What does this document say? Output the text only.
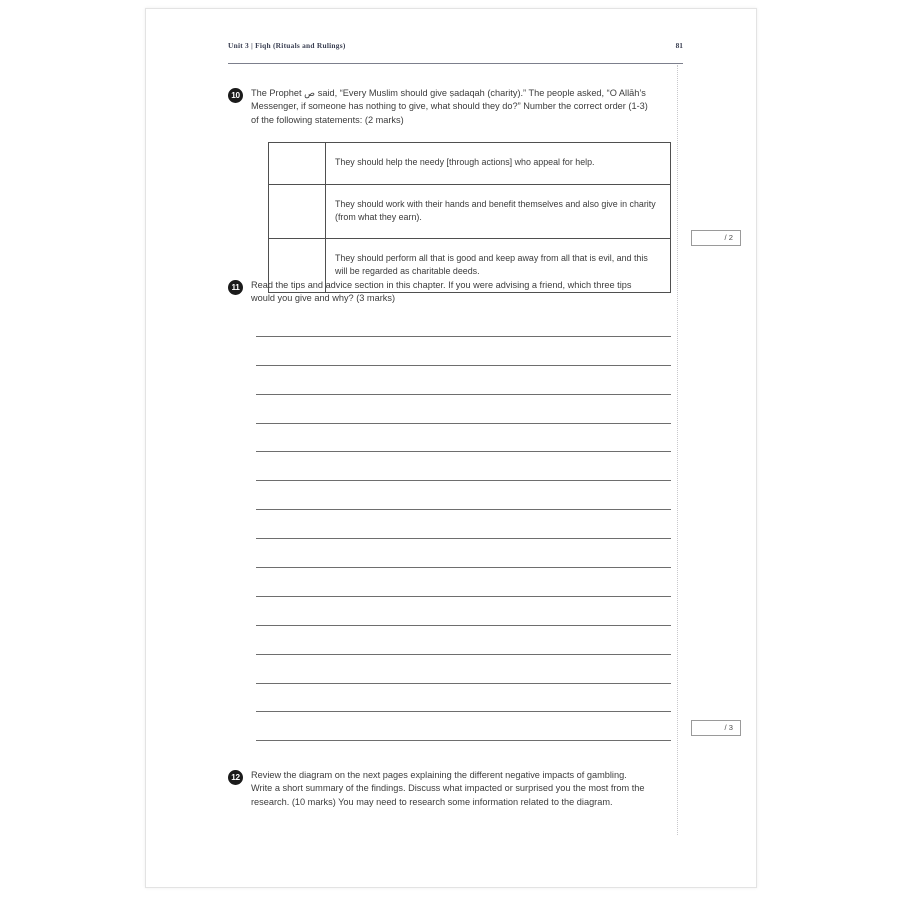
Unit 3 | Fiqh (Rituals and Rulings)	81
10	The Prophet ص said, “Every Muslim should give ṣadaqah (charity).” The people asked, “O Allāh’s Messenger, if someone has nothing to give, what should they do?” Number the correct order (1-3) of the following statements: (2 marks)
	They should help the needy [through actions] who appeal for help.
	They should work with their hands and benefit themselves and also give in charity (from what they earn).
	They should perform all that is good and keep away from all that is evil, and this will be regarded as charitable deeds.
/ 2
11	Read the tips and advice section in this chapter. If you were advising a friend, which three tips would you give and why? (3 marks)
/ 3
12	Review the diagram on the next pages explaining the different negative impacts of gambling. Write a short summary of the findings. Discuss what impacted or surprised you the most from the research. (10 marks) You may need to research some information related to the diagram.
